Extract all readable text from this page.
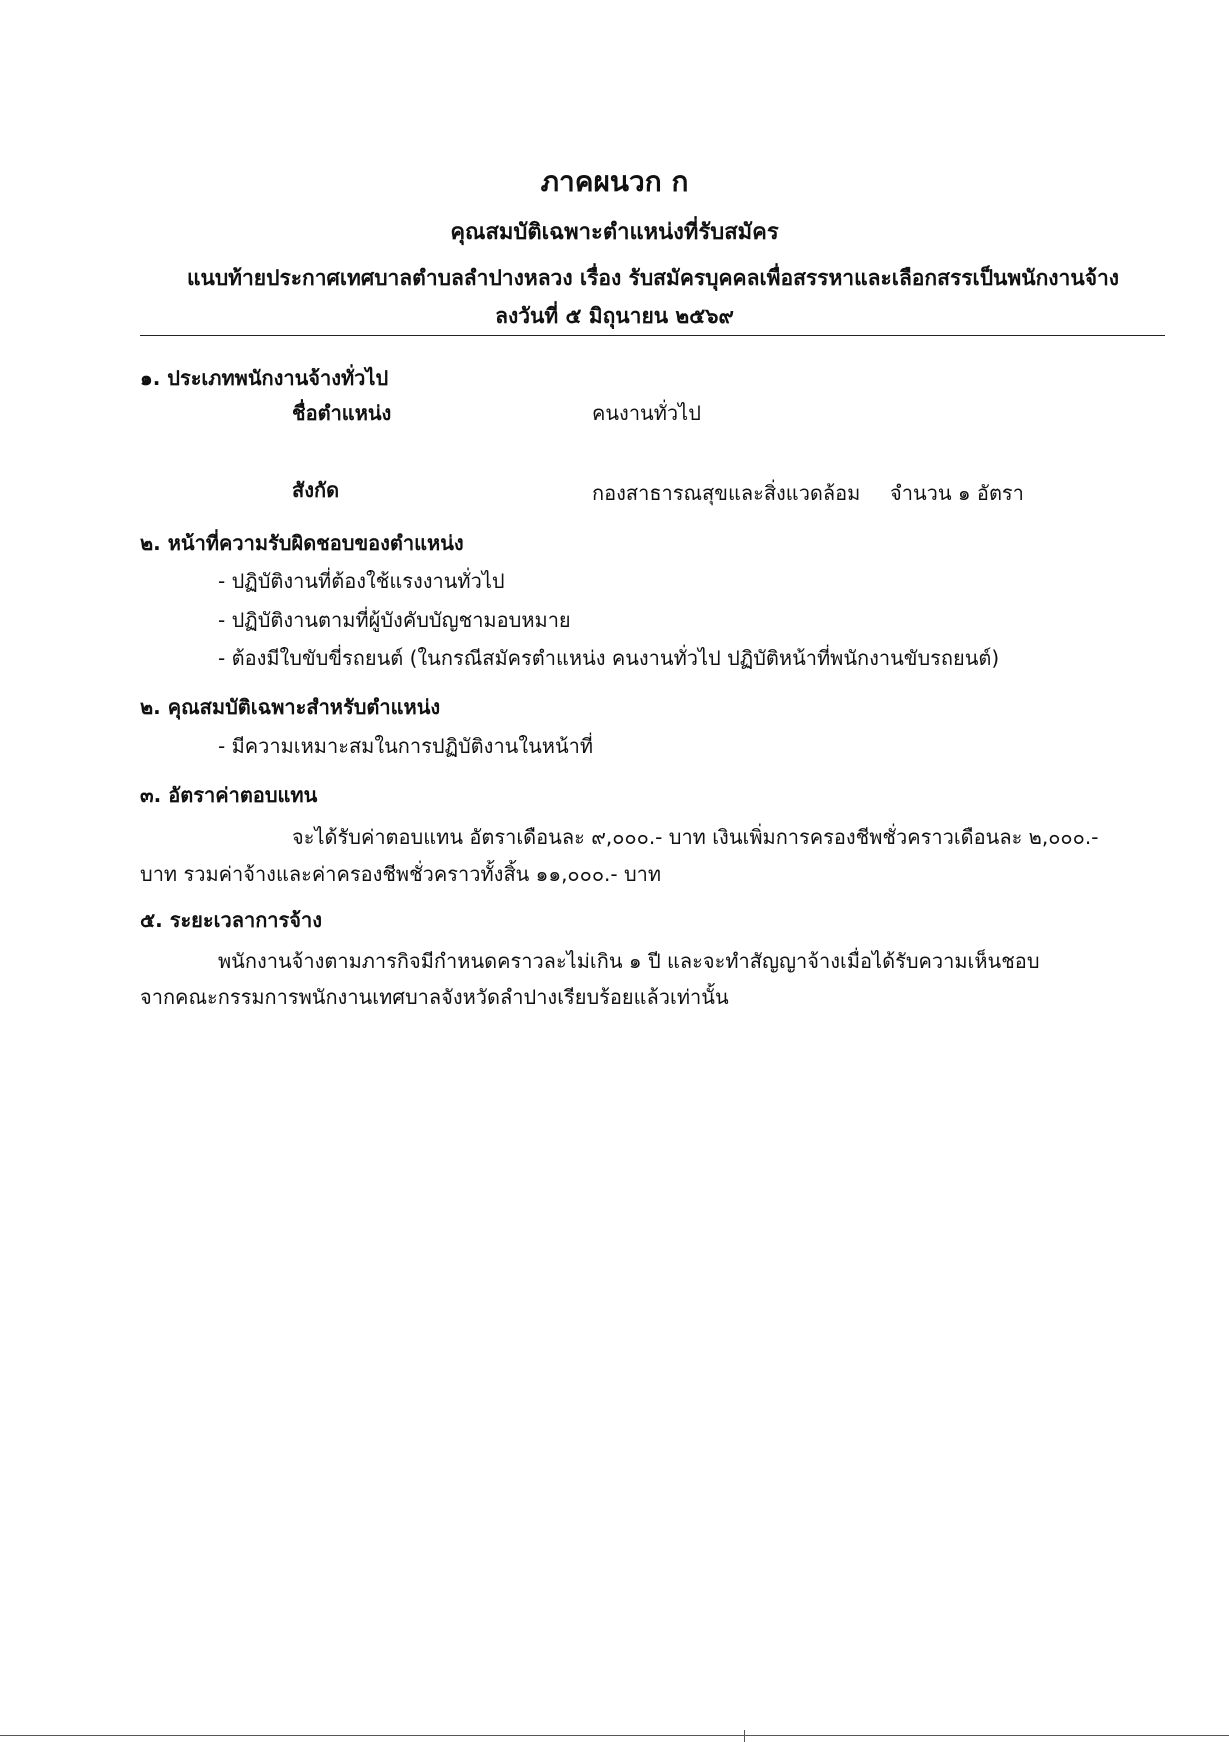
ภาคผนวก ก
คุณสมบัติเฉพาะตำแหน่งที่รับสมัคร
แนบท้ายประกาศเทศบาลตำบลลำปางหลวง เรื่อง รับสมัครบุคคลเพื่อสรรหาและเลือกสรรเป็นพนักงานจ้าง
ลงวันที่ ๕ มิถุนายน ๒๕๖๙
๑. ประเภทพนักงานจ้างทั่วไป
ชื่อตำแหน่ง	คนงานทั่วไป
สังกัด	กองสาธารณสุขและสิ่งแวดล้อม จำนวน ๑ อัตรา
๒. หน้าที่ความรับผิดชอบของตำแหน่ง
- ปฏิบัติงานที่ต้องใช้แรงงานทั่วไป
- ปฏิบัติงานตามที่ผู้บังคับบัญชามอบหมาย
- ต้องมีใบขับขี่รถยนต์ (ในกรณีสมัครตำแหน่ง คนงานทั่วไป ปฏิบัติหน้าที่พนักงานขับรถยนต์)
๒. คุณสมบัติเฉพาะสำหรับตำแหน่ง
- มีความเหมาะสมในการปฏิบัติงานในหน้าที่
๓. อัตราค่าตอบแทน
จะได้รับค่าตอบแทน อัตราเดือนละ ๙,๐๐๐.- บาท เงินเพิ่มการครองชีพชั่วคราวเดือนละ ๒,๐๐๐.-
บาท รวมค่าจ้างและค่าครองชีพชั่วคราวทั้งสิ้น ๑๑,๐๐๐.- บาท
๕. ระยะเวลาการจ้าง
พนักงานจ้างตามภารกิจมีกำหนดคราวละไม่เกิน ๑ ปี และจะทำสัญญาจ้างเมื่อได้รับความเห็นชอบ
จากคณะกรรมการพนักงานเทศบาลจังหวัดลำปางเรียบร้อยแล้วเท่านั้น
